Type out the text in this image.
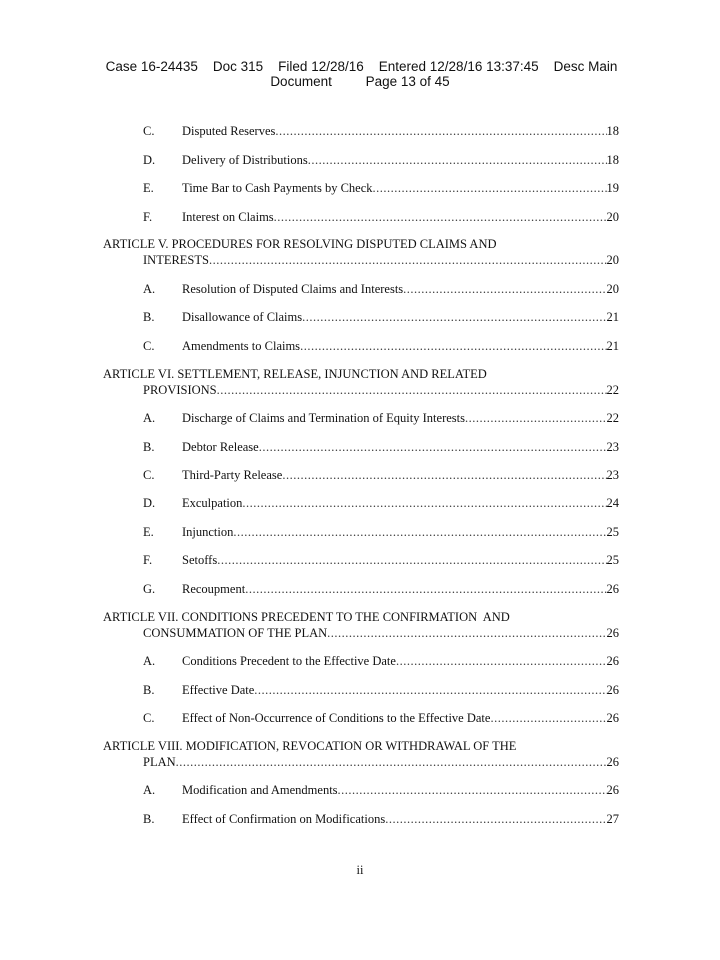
Case 16-24435    Doc 315    Filed 12/28/16    Entered 12/28/16 13:37:45    Desc Main
Document         Page 13 of 45
C. Disputed Reserves .....	18
D. Delivery of Distributions .....	18
E. Time Bar to Cash Payments by Check .....	19
F. Interest on Claims .....	20
ARTICLE V. PROCEDURES FOR RESOLVING DISPUTED CLAIMS AND
INTERESTS .....	20
A. Resolution of Disputed Claims and Interests .....	20
B. Disallowance of Claims .....	21
C. Amendments to Claims .....	21
ARTICLE VI. SETTLEMENT, RELEASE, INJUNCTION AND RELATED
PROVISIONS .....	22
A. Discharge of Claims and Termination of Equity Interests .....	22
B. Debtor Release .....	23
C. Third-Party Release .....	23
D. Exculpation .....	24
E. Injunction .....	25
F. Setoffs .....	25
G. Recoupment .....	26
ARTICLE VII. CONDITIONS PRECEDENT TO THE CONFIRMATION  AND
CONSUMMATION OF THE PLAN .....	26
A. Conditions Precedent to the Effective Date .....	26
B. Effective Date .....	26
C. Effect of Non-Occurrence of Conditions to the Effective Date .....	26
ARTICLE VIII. MODIFICATION, REVOCATION OR WITHDRAWAL OF THE
PLAN .....	26
A. Modification and Amendments .....	26
B. Effect of Confirmation on Modifications .....	27
ii
